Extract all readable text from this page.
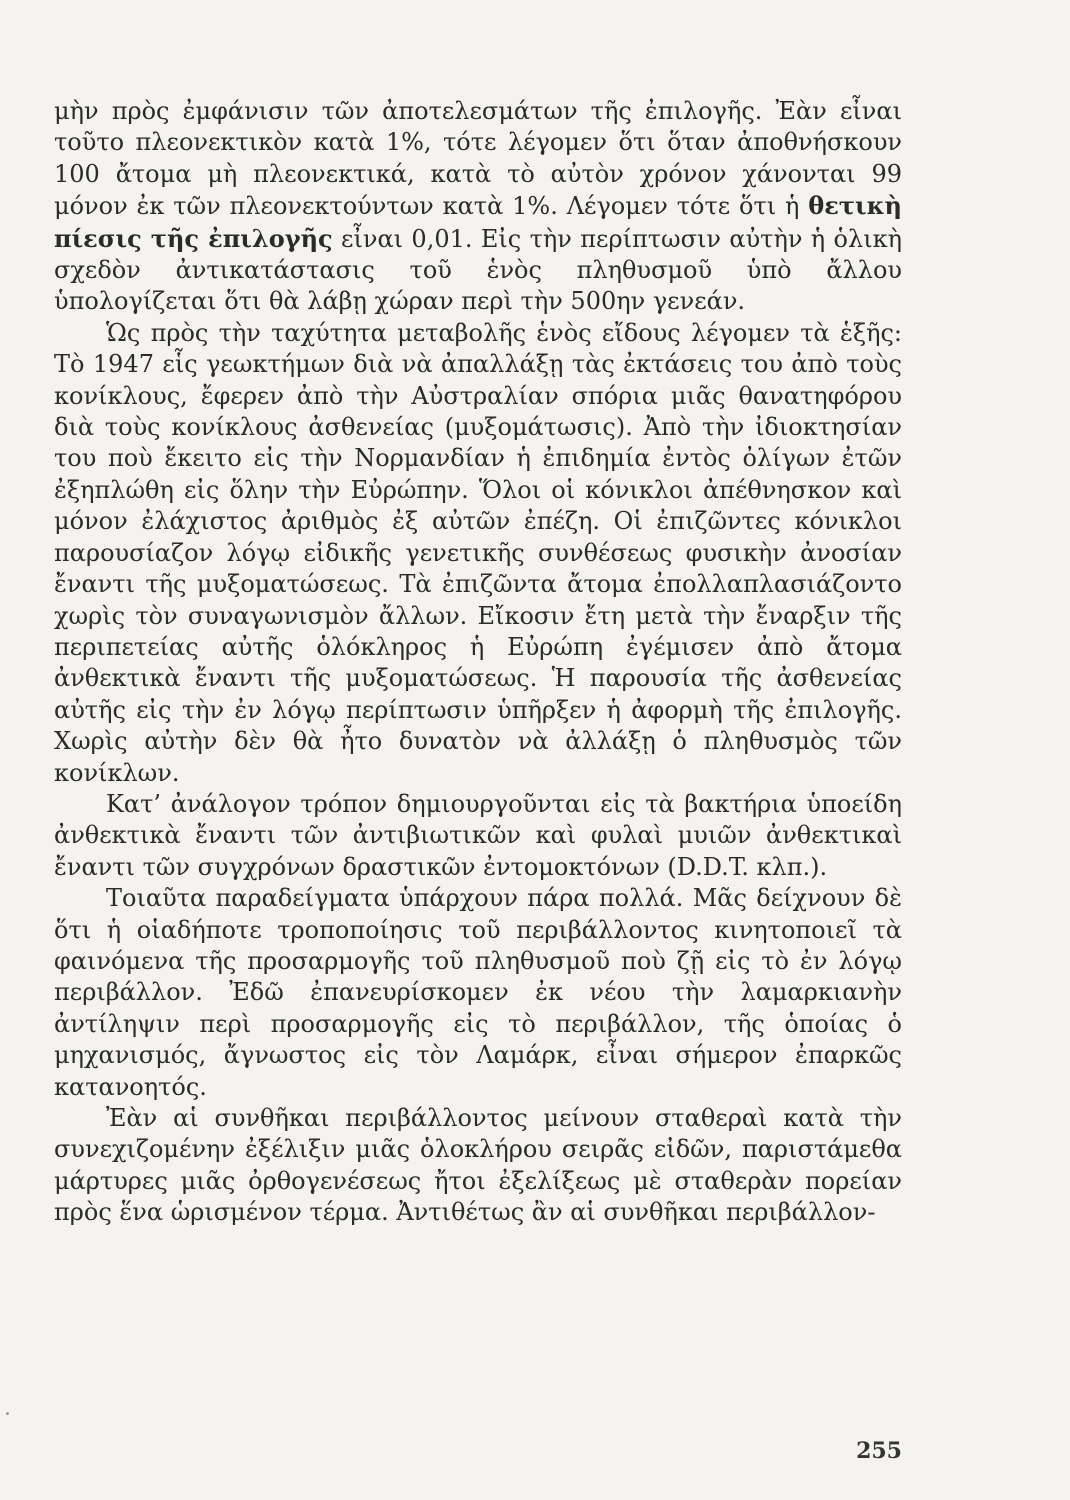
μὴν πρὸς ἐμφάνισιν τῶν ἀποτελεσμάτων τῆς ἐπιλογῆς. Ἐὰν εἶναι τοῦτο πλεονεκτικὸν κατὰ 1%, τότε λέγομεν ὅτι ὅταν ἀποθνήσκουν 100 ἄτομα μὴ πλεονεκτικά, κατὰ τὸ αὐτὸν χρόνον χάνονται 99 μόνον ἐκ τῶν πλεονεκτούντων κατὰ 1%. Λέγομεν τότε ὅτι ἡ θετικὴ πίεσις τῆς ἐπιλογῆς εἶναι 0,01. Εἰς τὴν περίπτωσιν αὐτὴν ἡ ὁλικὴ σχεδὸν ἀντικατάστασις τοῦ ἑνὸς πληθυσμοῦ ὑπὸ ἄλλου ὑπολογίζεται ὅτι θὰ λάβῃ χώραν περὶ τὴν 500ην γενεάν.

Ὡς πρὸς τὴν ταχύτητα μεταβολῆς ἑνὸς εἴδους λέγομεν τὰ ἑξῆς: Τὸ 1947 εἷς γεωκτήμων διὰ νὰ ἀπαλλάξῃ τὰς ἐκτάσεις του ἀπὸ τοὺς κονίκλους, ἔφερεν ἀπὸ τὴν Αὐστραλίαν σπόρια μιᾶς θανατηφόρου διὰ τοὺς κονίκλους ἀσθενείας (μυξομάτωσις). Ἀπὸ τὴν ἰδιοκτησίαν του ποὺ ἔκειτο εἰς τὴν Νορμανδίαν ἡ ἐπιδημία ἐντὸς ὀλίγων ἐτῶν ἐξηπλώθη εἰς ὅλην τὴν Εὐρώπην. Ὅλοι οἱ κόνικλοι ἀπέθνησκον καὶ μόνον ἐλάχιστος ἀριθμὸς ἐξ αὐτῶν ἐπέζη. Οἱ ἐπιζῶντες κόνικλοι παρουσίαζον λόγῳ εἰδικῆς γενετικῆς συνθέσεως φυσικὴν ἀνοσίαν ἔναντι τῆς μυξοματώσεως. Τὰ ἐπιζῶντα ἄτομα ἐπολλαπλασιάζοντο χωρὶς τὸν συναγωνισμὸν ἄλλων. Εἴκοσιν ἔτη μετὰ τὴν ἔναρξιν τῆς περιπετείας αὐτῆς ὁλόκληρος ἡ Εὐρώπη ἐγέμισεν ἀπὸ ἄτομα ἀνθεκτικὰ ἔναντι τῆς μυξοματώσεως. Ἡ παρουσία τῆς ἀσθενείας αὐτῆς εἰς τὴν ἐν λόγῳ περίπτωσιν ὑπῆρξεν ἡ ἀφορμὴ τῆς ἐπιλογῆς. Χωρὶς αὐτὴν δὲν θὰ ἦτο δυνατὸν νὰ ἀλλάξῃ ὁ πληθυσμὸς τῶν κονίκλων.

Κατ’ ἀνάλογον τρόπον δημιουργοῦνται εἰς τὰ βακτήρια ὑποείδη ἀνθεκτικὰ ἔναντι τῶν ἀντιβιωτικῶν καὶ φυλαὶ μυιῶν ἀνθεκτικαὶ ἔναντι τῶν συγχρόνων δραστικῶν ἐντομοκτόνων (D.D.T. κλπ.).

Τοιαῦτα παραδείγματα ὑπάρχουν πάρα πολλά. Μᾶς δείχνουν δὲ ὅτι ἡ οἱαδήποτε τροποποίησις τοῦ περιβάλλοντος κινητοποιεῖ τὰ φαινόμενα τῆς προσαρμογῆς τοῦ πληθυσμοῦ ποὺ ζῇ εἰς τὸ ἐν λόγῳ περιβάλλον. Ἐδῶ ἐπανευρίσκομεν ἐκ νέου τὴν λαμαρκιανὴν ἀντίληψιν περὶ προσαρμογῆς εἰς τὸ περιβάλλον, τῆς ὁποίας ὁ μηχανισμός, ἄγνωστος εἰς τὸν Λαμάρκ, εἶναι σήμερον ἐπαρκῶς κατανοητός.

Ἐὰν αἱ συνθῆκαι περιβάλλοντος μείνουν σταθεραὶ κατὰ τὴν συνεχιζομένην ἐξέλιξιν μιᾶς ὁλοκλήρου σειρᾶς εἰδῶν, παριστάμεθα μάρτυρες μιᾶς ὀρθογενέσεως ἤτοι ἐξελίξεως μὲ σταθερὰν πορείαν πρὸς ἕνα ὡρισμένον τέρμα. Ἀντιθέτως ἂν αἱ συνθῆκαι περιβάλλον-

255
